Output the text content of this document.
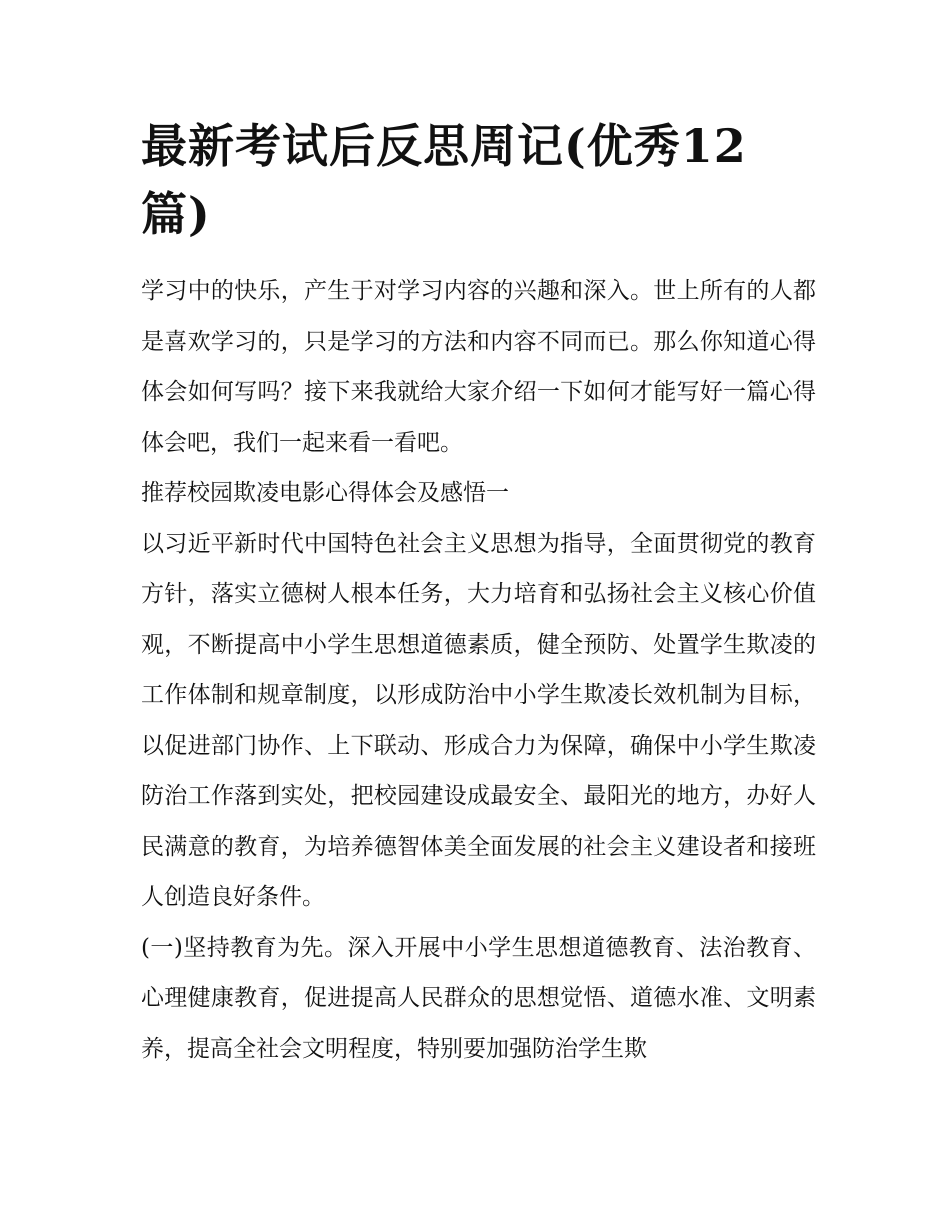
最新考试后反思周记(优秀12篇)

学习中的快乐，产生于对学习内容的兴趣和深入。世上所有的人都是喜欢学习的，只是学习的方法和内容不同而已。那么你知道心得体会如何写吗？接下来我就给大家介绍一下如何才能写好一篇心得体会吧，我们一起来看一看吧。

推荐校园欺凌电影心得体会及感悟一

以习近平新时代中国特色社会主义思想为指导，全面贯彻党的教育方针，落实立德树人根本任务，大力培育和弘扬社会主义核心价值观，不断提高中小学生思想道德素质，健全预防、处置学生欺凌的工作体制和规章制度，以形成防治中小学生欺凌长效机制为目标，以促进部门协作、上下联动、形成合力为保障，确保中小学生欺凌防治工作落到实处，把校园建设成最安全、最阳光的地方，办好人民满意的教育，为培养德智体美全面发展的社会主义建设者和接班人创造良好条件。

(一)坚持教育为先。深入开展中小学生思想道德教育、法治教育、心理健康教育，促进提高人民群众的思想觉悟、道德水准、文明素养，提高全社会文明程度，特别要加强防治学生欺
